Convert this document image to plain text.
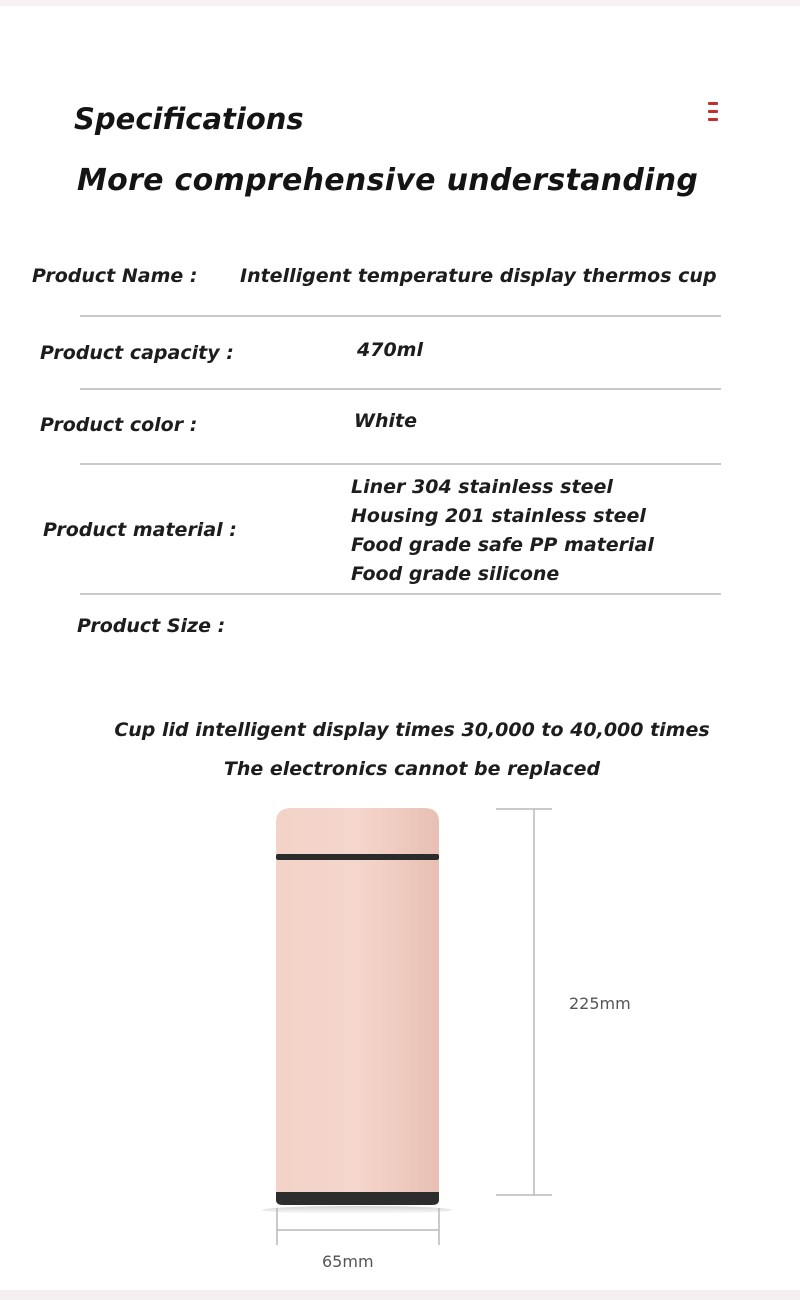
Specifications
More comprehensive understanding

Product Name : Intelligent temperature display thermos cup

Product capacity :	470ml

Product color :	White

Product material :

Liner 304 stainless steel
Housing 201 stainless steel
Food grade safe PP material
Food grade silicone

Product Size :

Cup lid intelligent display times 30,000 to 40,000 times

The electronics cannot be replaced

225mm
65mm
